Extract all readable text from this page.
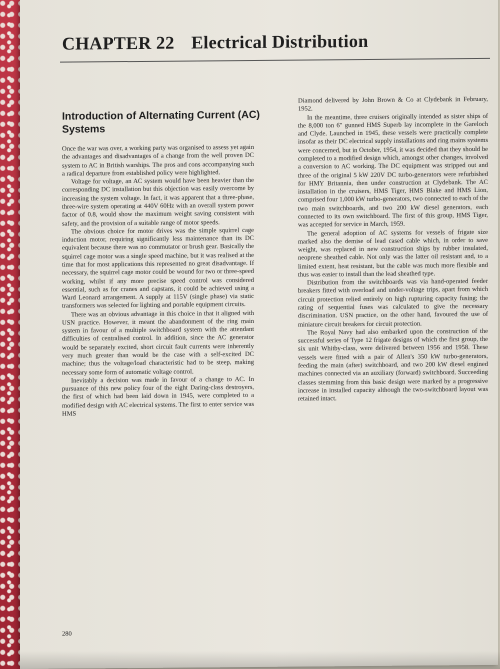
CHAPTER 22 Electrical Distribution
Introduction of Alternating Current (AC) Systems

Once the war was over, a working party was organised to assess yet again the advantages and disadvantages of a change from the well proven DC system to AC in British warships. The pros and cons accompanying such a radical departure from established policy were highlighted.

Voltage for voltage, an AC system would have been heavier than the corresponding DC installation but this objection was easily overcome by increasing the system voltage. In fact, it was apparent that a three-phase, three-wire system operating at 440V 60Hz with an overall system power factor of 0.8, would show the maximum weight saving consistent with safety, and the provision of a suitable range of motor speeds.

The obvious choice for motor drives was the simple squirrel cage induction motor, requiring significantly less maintenance than its DC equivalent because there was no commutator or brush gear. Basically the squirrel cage motor was a single speed machine, but it was realised at the time that for most applications this represented no great disadvantage. If necessary, the squirrel cage motor could be wound for two or three-speed working, whilst if any more precise speed control was considered essential, such as for cranes and capstans, it could be achieved using a Ward Leonard arrangement. A supply at 115V (single phase) via static transformers was selected for lighting and portable equipment circuits.

There was an obvious advantage in this choice in that it aligned with USN practice. However, it meant the abandonment of the ring main system in favour of a multiple switchboard system with the attendant difficulties of centralised control. In addition, since the AC generator would be separately excited, short circuit fault currents were inherently very much greater than would be the case with a self-excited DC machine; thus the voltage/load characteristic had to be steep, making necessary some form of automatic voltage control.

Inevitably a decision was made in favour of a change to AC. In pursuance of this new policy four of the eight Daring-class destroyers, the first of which had been laid down in 1945, were completed to a modified design with AC electrical systems. The first to enter service was HMS

Diamond delivered by John Brown & Co at Clydebank in February, 1952.

In the meantime, three cruisers originally intended as sister ships of the 8,000 ton 6" gunned HMS Superb lay incomplete in the Gareloch and Clyde. Launched in 1945, these vessels were practically complete insofar as their DC electrical supply installations and ring mains systems were concerned, but in October, 1954, it was decided that they should be completed to a modified design which, amongst other changes, involved a conversion to AC working. The DC equipment was stripped out and three of the original 5 kW 220V DC turbo-generators were refurbished for HMY Britannia, then under construction at Clydebank. The AC installation in the cruisers, HMS Tiger, HMS Blake and HMS Lion, comprised four 1,000 kW turbo-generators, two connected to each of the two main switchboards, and two 200 kW diesel generators, each connected to its own switchboard. The first of this group, HMS Tiger, was accepted for service in March, 1959.

The general adoption of AC systems for vessels of frigate size marked also the demise of lead cased cable which, in order to save weight, was replaced in new construction ships by rubber insulated, neoprene sheathed cable. Not only was the latter oil resistant and, to a limited extent, heat resistant, but the cable was much more flexible and thus was easier to install than the lead sheathed type.

Distribution from the switchboards was via hand-operated feeder breakers fitted with overload and under-voltage trips, apart from which circuit protection relied entirely on high rupturing capacity fusing; the rating of sequential fuses was calculated to give the necessary discrimination. USN practice, on the other hand, favoured the use of miniature circuit breakers for circuit protection.

The Royal Navy had also embarked upon the construction of the successful series of Type 12 frigate designs of which the first group, the six unit Whitby-class, were delivered between 1956 and 1958. These vessels were fitted with a pair of Allen's 350 kW turbo-generators, feeding the main (after) switchboard, and two 200 kW diesel engined machines connected via an auxiliary (forward) switchboard. Succeeding classes stemming from this basic design were marked by a progressive increase in installed capacity although the two-switchboard layout was retained intact.

280
